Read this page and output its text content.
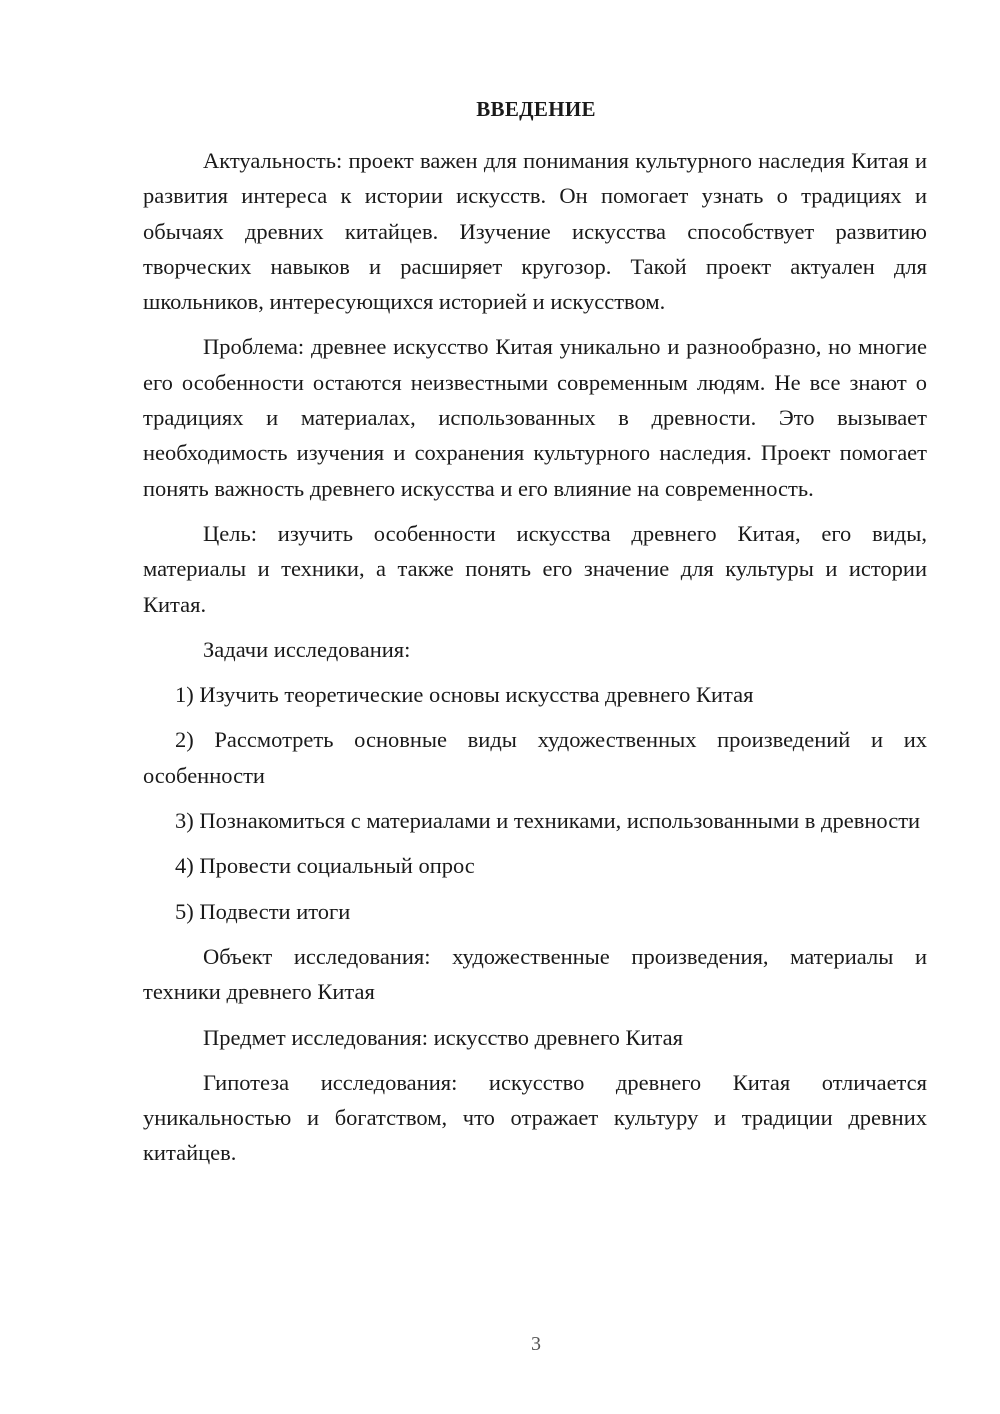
ВВЕДЕНИЕ

Актуальность: проект важен для понимания культурного наследия Китая и развития интереса к истории искусств. Он помогает узнать о традициях и обычаях древних китайцев. Изучение искусства способствует развитию творческих навыков и расширяет кругозор. Такой проект актуален для школьников, интересующихся историей и искусством.

Проблема: древнее искусство Китая уникально и разнообразно, но многие его особенности остаются неизвестными современным людям. Не все знают о традициях и материалах, использованных в древности. Это вызывает необходимость изучения и сохранения культурного наследия. Проект помогает понять важность древнего искусства и его влияние на современность.

Цель: изучить особенности искусства древнего Китая, его виды, материалы и техники, а также понять его значение для культуры и истории Китая.

Задачи исследования:

1) Изучить теоретические основы искусства древнего Китая

2) Рассмотреть основные виды художественных произведений и их особенности

3) Познакомиться с материалами и техниками, использованными в древности

4) Провести социальный опрос

5) Подвести итоги

Объект исследования: художественные произведения, материалы и техники древнего Китая

Предмет исследования: искусство древнего Китая

Гипотеза исследования: искусство древнего Китая отличается уникальностью и богатством, что отражает культуру и традиции древних китайцев.

3
